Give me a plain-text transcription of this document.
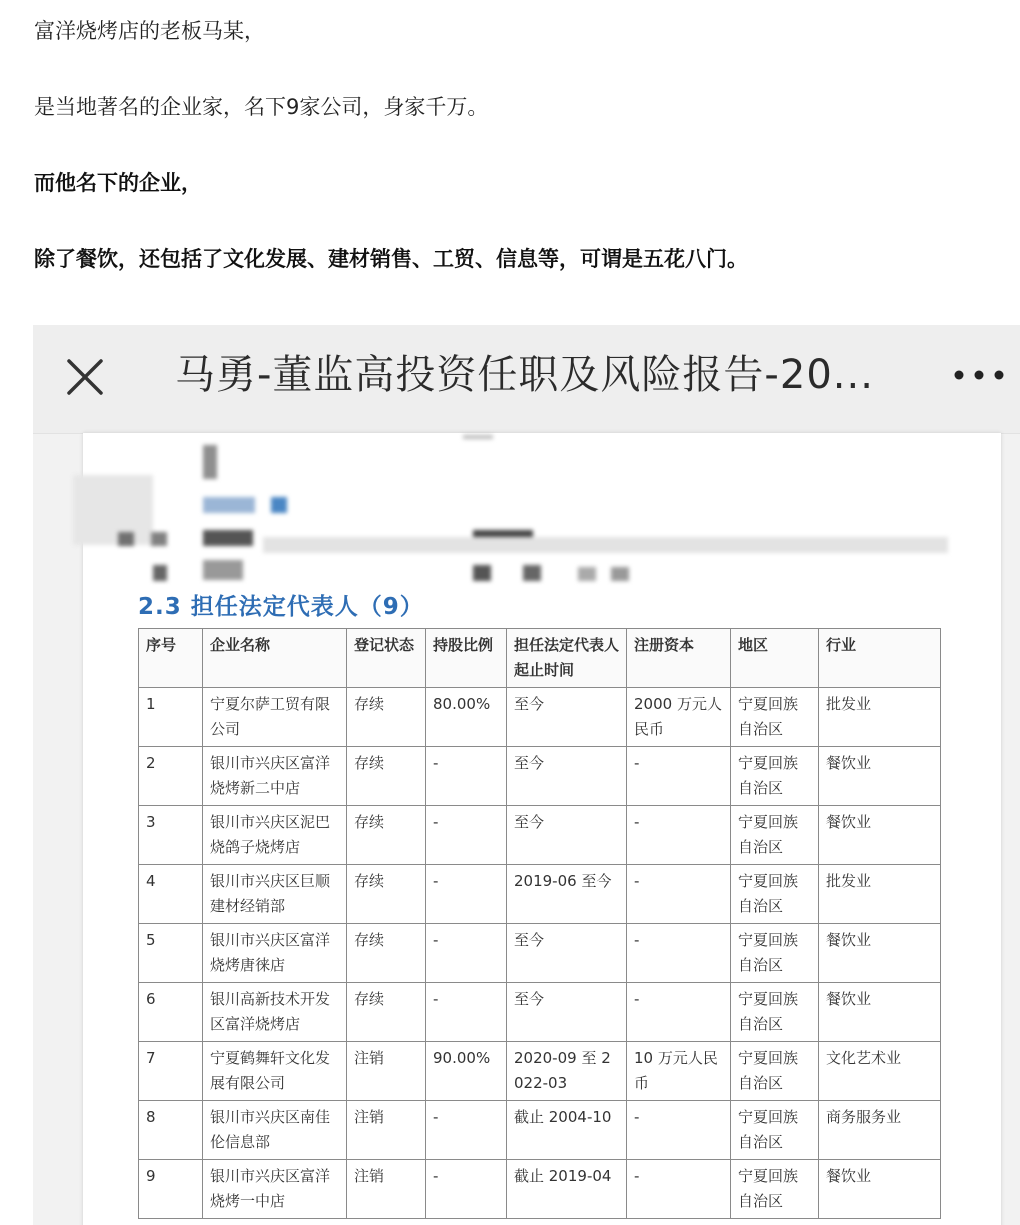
富洋烧烤店的老板马某，
是当地著名的企业家，名下9家公司，身家千万。
而他名下的企业，
除了餐饮，还包括了文化发展、建材销售、工贸、信息等，可谓是五花八门。
马勇-董监高投资任职及风险报告-20...
2.3 担任法定代表人（9）
序号	企业名称	登记状态	持股比例	担任法定代表人起止时间	注册资本	地区	行业
1	宁夏尔萨工贸有限公司	存续	80.00%	至今	2000 万元人民币	宁夏回族自治区	批发业
2	银川市兴庆区富洋烧烤新二中店	存续	-	至今	-	宁夏回族自治区	餐饮业
3	银川市兴庆区泥巴烧鸽子烧烤店	存续	-	至今	-	宁夏回族自治区	餐饮业
4	银川市兴庆区巨顺建材经销部	存续	-	2019-06 至今	-	宁夏回族自治区	批发业
5	银川市兴庆区富洋烧烤唐徕店	存续	-	至今	-	宁夏回族自治区	餐饮业
6	银川高新技术开发区富洋烧烤店	存续	-	至今	-	宁夏回族自治区	餐饮业
7	宁夏鹤舞轩文化发展有限公司	注销	90.00%	2020-09 至 2022-03	10 万元人民币	宁夏回族自治区	文化艺术业
8	银川市兴庆区南佳伦信息部	注销	-	截止 2004-10	-	宁夏回族自治区	商务服务业
9	银川市兴庆区富洋烧烤一中店	注销	-	截止 2019-04	-	宁夏回族自治区	餐饮业
